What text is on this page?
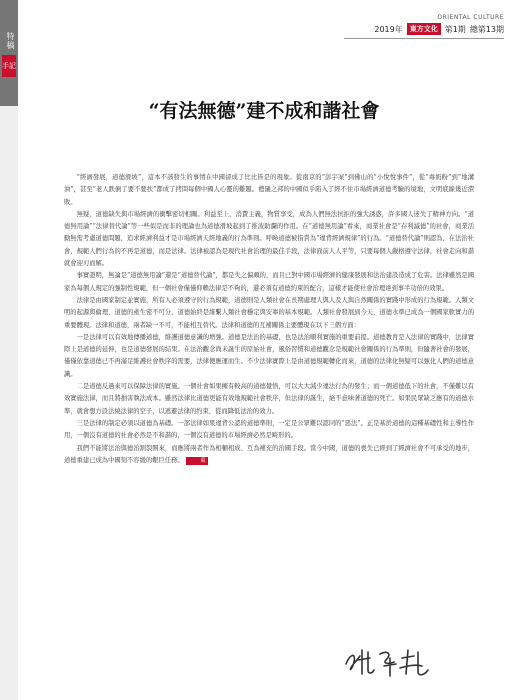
特稿
手記
ORIENTAL CULTURE
2019年	東方文化 第1期 總第13期
“有法無德”建不成和諧社會

“經濟發展，道德滑坡”，這本不該發生的事情在中國卻成了比比皆是的現象。從南京的“彭宇案”到佛山的“小悅悅事件”，從“毒奶粉”到“地溝油”，甚至“老人跌倒了要不要扶”都成了拷問每個中國人心靈的難題。禮儀之邦的中國似乎陷入了經不住市場經濟道德考驗的境地，文明底線幾近潰敗。

無疑，道德缺失與市場經濟的衝擊密切相關。利益至上，消費主義，物質享受，成為人們無法抗拒的強大誘惑，許多國人迷失了精神方向。“道德無用論”“法律替代論”等一些似是而非的理論也為道德滑坡起到了推波助瀾的作用。在“道德無用論”看來，商業社會是“存利滅德”的社會，商業活動無需考慮道德問題，追求經濟利益才是市場經濟天經地義的行為準則。呼喚道德被指責為“違背經濟規律”的行為。“道德替代論”則認為，在法治社會，規範人們行為的不再是道德，而是法律。法律被認為是現代社會治理的最佳手段，法律面前人人平等，只要每個人嚴格遵守法律，社會走向和諧就會迎刃而解。

事實證明，無論是“道德無用論”還是“道德替代論”，都是失之偏頗的，而且已對中國市場經濟的健康發展和法治建設造成了危害。法律雖然是國家為每個人規定的強制性規範，但一個社會僅僅仰賴法律是不夠的，還必須有道德約束的配合，這樣才能使社會治理達到事半功倍的效果。

法律是由國家制定並實施，所有人必須遵守的行為規範，道德則是人類社會在長期處理人與人及人與自然關係的實踐中形成的行為規範。人類文明的起源與倫理、道德的產生密不可分，道德始終是維繫人類社會穩定與安寧的基本規範。人類社會發展到今天，道德水準已成為一個國家軟實力的重要體現。法律和道德，兩者缺一不可，不能相互替代。法律和道德的互補關係主要體現在以下三個方面：

一是法律可以有效地傳播道德，維護道德意識的增強。道德是法治的基礎，也是法治順利實施的重要前提。道德教育是入法律的實踐中，法律實際上是道德的延伸，也是道德發展的結果。在法治觀念尚未誕生的原始社會，風俗習慣和道德觀念是規範社會關係的行為準則，但隨著社會的發展，僅僅依靠道德已不再滿足維護社會秩序的需要，法律便應運而生。不少法律實際上是由道德規範轉化而來，道德的法律化無疑可以強化人們的道德意識。

二是道德反過來可以保障法律的實施。一個社會如果擁有較高的道德覺悟，可以大大減少違法行為的發生；而一個道德低下的社會，不僅難以有效實施法律，而且將損害執法成本。雖然法律比道德更能有效地規範社會秩序，但法律的誕生，絕不意味著道德的死亡。如果民眾缺乏應有的道德水準，就會想方設法繞法律的空子，以逃避法律的約束，從而降低法治的效力。

三是法律的制定必須以道德為基礎。一部法律如果違背公認的道德準則，一定是公眾難以認同的“惡法”。正是基於道德的這種基礎性和主導性作用，一個沒有道德的社會必然是不和諧的，一個沒有道德的市場經濟必然是畸形的。

我們不能將法治與德治割裂開來，而應將兩者作為相輔相成、互為補充的治國手段。當今中國，道德的喪失已經到了經濟社會不可承受的地步，道德重建已成為中國刻不容緩的艱巨任務。	東
